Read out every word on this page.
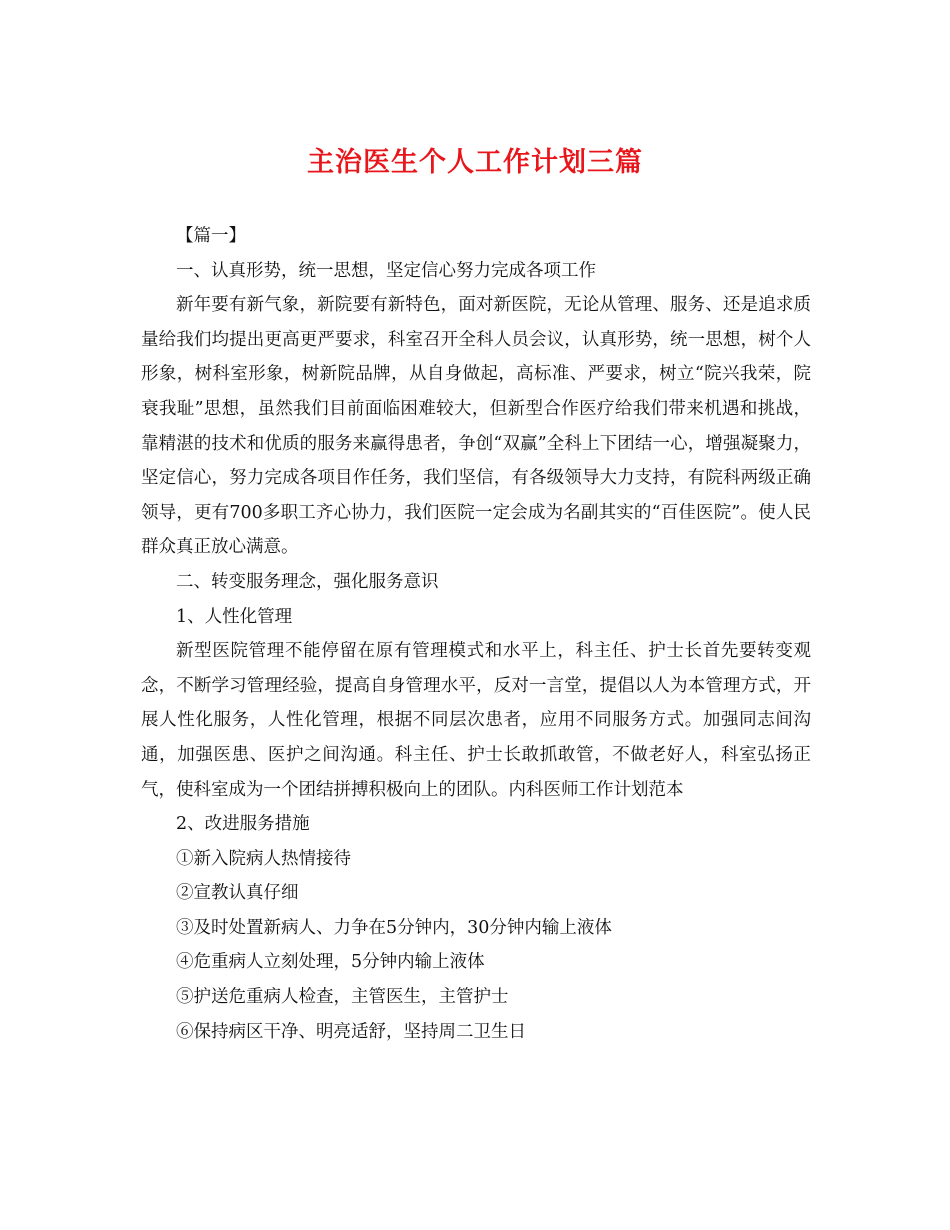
主治医生个人工作计划三篇

【篇一】

一、认真形势，统一思想，坚定信心努力完成各项工作

新年要有新气象，新院要有新特色，面对新医院，无论从管理、服务、还是追求质量给我们均提出更高更严要求，科室召开全科人员会议，认真形势，统一思想，树个人形象，树科室形象，树新院品牌，从自身做起，高标准、严要求，树立“院兴我荣，院衰我耻”思想，虽然我们目前面临困难较大，但新型合作医疗给我们带来机遇和挑战，靠精湛的技术和优质的服务来赢得患者，争创“双赢”全科上下团结一心，增强凝聚力，坚定信心，努力完成各项目作任务，我们坚信，有各级领导大力支持，有院科两级正确领导，更有700多职工齐心协力，我们医院一定会成为名副其实的“百佳医院”。使人民群众真正放心满意。

二、转变服务理念，强化服务意识

1、人性化管理

新型医院管理不能停留在原有管理模式和水平上，科主任、护士长首先要转变观念，不断学习管理经验，提高自身管理水平，反对一言堂，提倡以人为本管理方式，开展人性化服务，人性化管理，根据不同层次患者，应用不同服务方式。加强同志间沟通，加强医患、医护之间沟通。科主任、护士长敢抓敢管，不做老好人，科室弘扬正气，使科室成为一个团结拼搏积极向上的团队。内科医师工作计划范本

2、改进服务措施

①新入院病人热情接待

②宣教认真仔细

③及时处置新病人、力争在5分钟内，30分钟内输上液体

④危重病人立刻处理，5分钟内输上液体

⑤护送危重病人检查，主管医生，主管护士

⑥保持病区干净、明亮适舒，坚持周二卫生日
